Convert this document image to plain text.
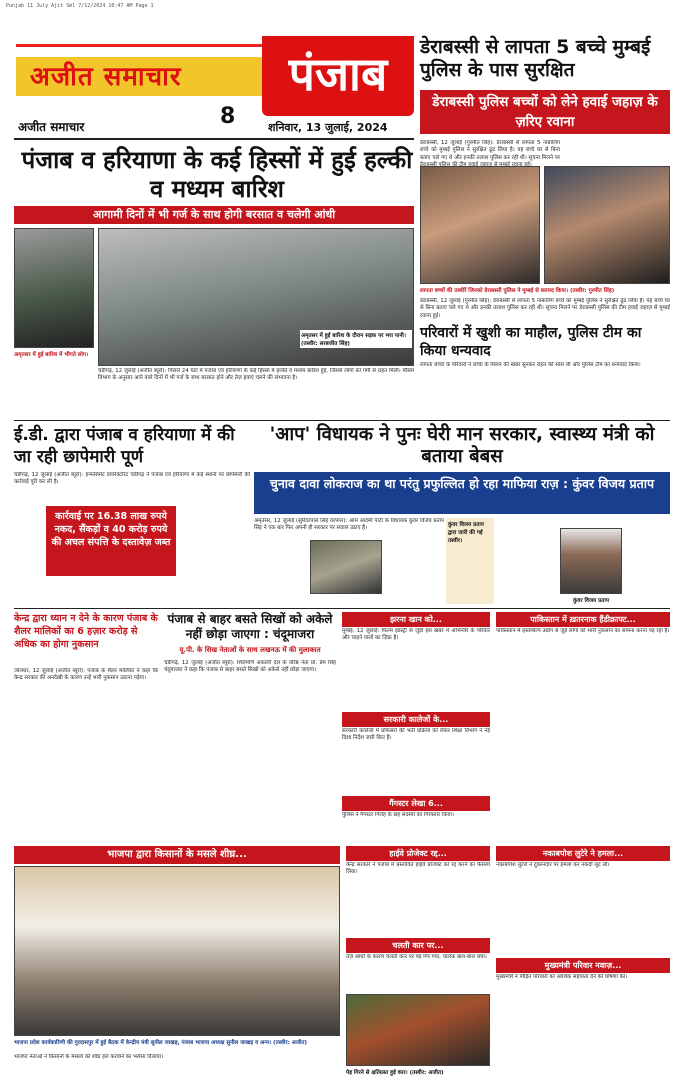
Punjab 11 July Ajit Sml 7/12/2024 10:47 AM Page 1
अजीत समाचार	पंजाब
8
अजीत समाचार	शनिवार, 13 जुलाई, 2024
डेराबस्सी से लापता 5 बच्चे मुम्बई पुलिस के पास सुरक्षित
डेराबस्सी पुलिस बच्चों को लेने हवाई जहाज़ के ज़रिए रवाना
डेराबस्सी, 12 जुलाई (गुरमीत सिंह): डेराबस्सी से लापता 5 नाबालिग बच्चे को मुम्बई पुलिस ने सुरक्षित ढूंढ लिया है। यह बच्चे घर से बिना बताए चले गए थे और इनकी तलाश पुलिस कर रही थी। सूचना मिलने पर
लापता बच्चों की तस्वीरें जिनको डेराबस्सी पुलिस ने मुम्बई से बरामद किया। (तस्वीर: गुरमीत सिंह)
डेराबस्सी, 12 जुलाई (गुरमीत सिंह): डेराबस्सी से लापता 5 नाबालिग बच्चे को मुम्बई पुलिस ने सुरक्षित ढूंढ लिया है। यह बच्चे घर से बिना बताए चले गए थे और इनकी तलाश पुलिस कर रही थी। सूचना मिलने पर डेराबस्सी पुलिस की टीम हवाई जहाज़ से मुम्बई रवाना हुई।
परिवारों में खुशी का माहौल, पुलिस टीम का किया धन्यवाद
लापता बच्चों के परिवारों ने बच्चों के मिलने की खबर सुनकर राहत की सांस ली और पुलिस टीम का धन्यवाद किया।
पंजाब व हरियाणा के कई हिस्सों में हुई हल्की व मध्यम बारिश
आगामी दिनों में भी गर्ज के साथ होगी बरसात व चलेगी आंधी
अमृतसर में हुई बारिश में भीगते लोग।
अमृतसर में हुई बारिश के दौरान सड़क पर भरा पानी। (तस्वीर: सरबजीत सिंह)
चंडीगढ़, 12 जुलाई (अजीत ब्यूरो): पिछले 24 घंटों में पंजाब एवं हरियाणा के कई हिस्सों में हल्की व मध्यम बारिश हुई, जिससे लोगों को गर्मी से राहत मिली। मौसम विभाग के अनुसार आने वाले दिनों में भी गर्ज के साथ बरसात होने और तेज़ हवाएं चलने की संभावना है।
ई.डी. द्वारा पंजाब व हरियाणा में की जा रही छापेमारी पूर्ण
चंडीगढ़, 12 जुलाई (अजीत ब्यूरो): इन्फोर्समेंट डायरेक्टोरेट चंडीगढ़ ने पंजाब एवं हरियाणा में कई स्थानों पर छापेमारी की कार्रवाई पूरी कर ली है।
कार्रवाई पर 16.38 लाख रुपये नकद, सैंकड़ों व 40 करोड़ रुपये की अचल संपत्ति के दस्तावेज़ जब्त
'आप' विधायक ने पुनः घेरी मान सरकार, स्वास्थ्य मंत्री को बताया बेबस
चुनाव दावा लोकराज का था परंतु प्रफुल्लित हो रहा माफिया राज़ : कुंवर विजय प्रताप
अमृतसर, 12 जुलाई (सुरिंदरपाल सिंह वरपाल): आम आदमी पार्टी के विधायक कुंवर विजय प्रताप सिंह ने एक बार फिर अपनी ही सरकार पर सवाल उठाए हैं।
कुंवर विजय प्रताप द्वारा जारी की गई तस्वीर।
कुंवर विजय प्रताप
केन्द्र द्वारा ध्यान न देने के कारण पंजाब के शैलर मालिकों का 6 हज़ार करोड़ से अधिक का होगा नुकसान
जालंधर, 12 जुलाई (अजीत ब्यूरो): पंजाब के शैलर मालिकों ने कहा कि केन्द्र सरकार की अनदेखी के कारण उन्हें भारी नुकसान उठाना पड़ेगा।
पंजाब से बाहर बसते सिखों को अकेले नहीं छोड़ा जाएगा : चंदूमाजरा
यू.पी. के सिख नेताओं के साथ लखनऊ में की मुलाकात
चंडीगढ़, 12 जुलाई (अजीत ब्यूरो): शिरोमणि अकाली दल के वरिष्ठ नेता प्रो. प्रेम सिंह चंदूमाजरा ने कहा कि पंजाब से बाहर बसते सिखों को अकेले नहीं छोड़ा जाएगा।
झरना खान को...
मुम्बई, 12 जुलाई: फिल्म इंडस्ट्री से जुड़ी इस खबर में अभिनेत्री के परिवार और चाहने वालों का ज़िक्र है।
सरकारी कालेजों के...
सरकारी कालेजों में प्रोफेसरों की भर्ती प्रक्रिया को लेकर शिक्षा विभाग ने नई दिशा निर्देश जारी किए हैं।
गैंगस्टर लेखा 6...
पुलिस ने गैंगस्टर गिरोह के छह सदस्यों को गिरफ्तार किया।
पाकिस्तान में ख़तरनाक हैंडीक्राफ्ट...
पाकिस्तान में हस्तशिल्प उद्योग से जुड़े लोगों को भारी नुकसान का सामना करना पड़ रहा है।
भाजपा द्वारा किसानों के मसले शीघ्र...
भाजपा प्रदेश कार्यकारिणी की गुरदासपुर में हुई बैठक में केन्द्रीय मंत्री सुनील जाखड़, पंजाब भाजपा अध्यक्ष सुनील जाखड़ व अन्य। (तस्वीर: अजीत)
भाजपा नेताओं ने किसानों के मसलों को शीघ्र हल करवाने का भरोसा दिलाया।
हाईवे प्रोजेक्ट रद्द...
केन्द्र सरकार ने पंजाब में प्रस्तावित हाईवे प्रोजेक्ट को रद्द करने का फैसला लिया।
चलती कार पर...
तेज़ आंधी के कारण चलती कार पर पेड़ गिर गया, चालक बाल-बाल बचा।
पेड़ गिरने से क्षतिग्रस्त हुई कार। (तस्वीर: अजीत)
नकाबपोश लुटेरे ने हमला...
नकाबपोश लुटेरों ने दुकानदार पर हमला कर नकदी लूट ली।
मुख्यमंत्री परिवार नवाज़...
मुख्यमंत्री ने पीड़ित परिवारों को आर्थिक सहायता देने की घोषणा की।
